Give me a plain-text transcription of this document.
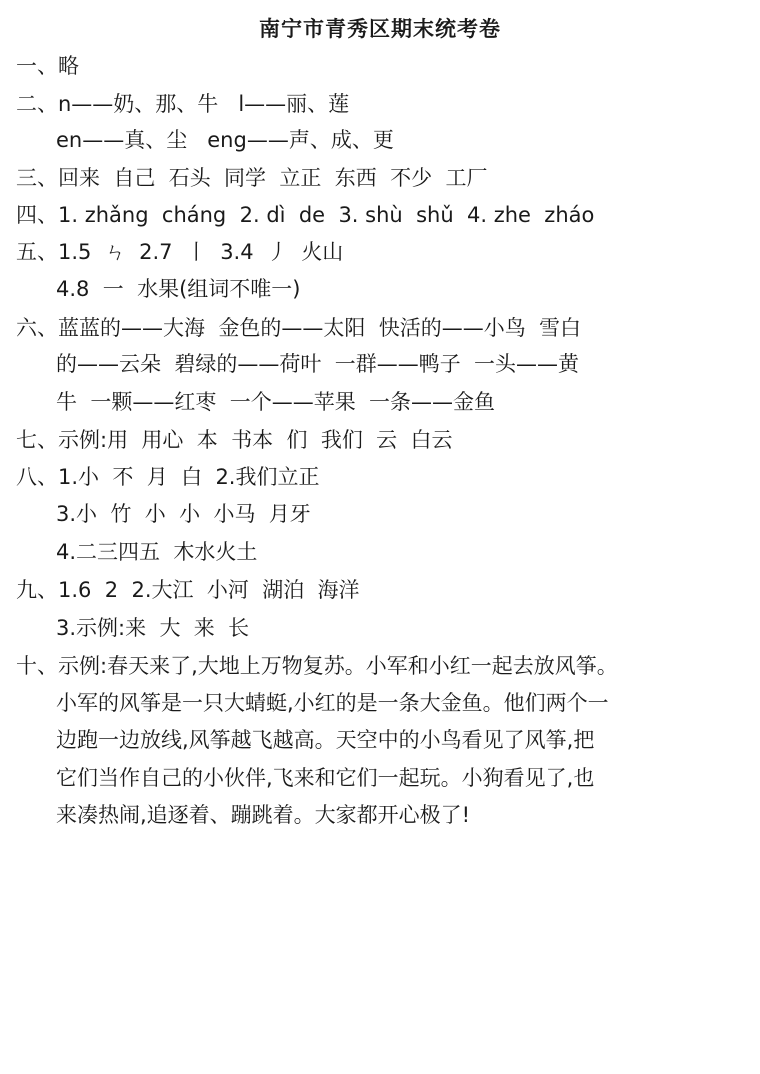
南宁市青秀区期末统考卷
一、略
二、n——奶、那、牛   l——丽、莲
en——真、尘   eng——声、成、更
三、回来  自己  石头  同学  立正  东西  不少  工厂
四、1. zhǎng  cháng  2. dì  de  3. shù  shǔ  4. zhe  zháo
五、1.5  ㄣ  2.7  丨  3.4  丿  火山
4.8  一  水果(组词不唯一)
六、蓝蓝的——大海  金色的——太阳  快活的——小鸟  雪白
的——云朵  碧绿的——荷叶  一群——鸭子  一头——黄
牛  一颗——红枣  一个——苹果  一条——金鱼
七、示例:用  用心  本  书本  们  我们  云  白云
八、1.小  不  月  白  2.我们立正
3.小  竹  小  小  小马  月牙
4.二三四五  木水火土
九、1.6  2  2.大江  小河  湖泊  海洋
3.示例:来  大  来  长
十、示例:春天来了,大地上万物复苏。小军和小红一起去放风筝。
小军的风筝是一只大蜻蜓,小红的是一条大金鱼。他们两个一
边跑一边放线,风筝越飞越高。天空中的小鸟看见了风筝,把
它们当作自己的小伙伴,飞来和它们一起玩。小狗看见了,也
来凑热闹,追逐着、蹦跳着。大家都开心极了!
